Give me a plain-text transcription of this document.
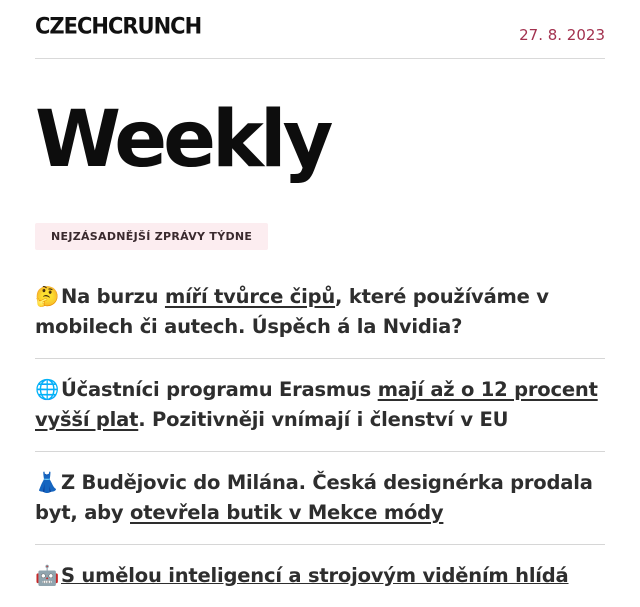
CZECHCRUNCH	27. 8. 2023
Weekly
NEJZÁSADNĚJŠÍ ZPRÁVY TÝDNE
🤔Na burzu míří tvůrce čipů, které používáme v mobilech či autech. Úspěch á la Nvidia?
🌐Účastníci programu Erasmus mají až o 12 procent vyšší plat. Pozitivněji vnímají i členství v EU
👗Z Budějovic do Milána. Česká designérka prodala byt, aby otevřela butik v Mekce módy
🤖S umělou inteligencí a strojovým viděním hlídá
